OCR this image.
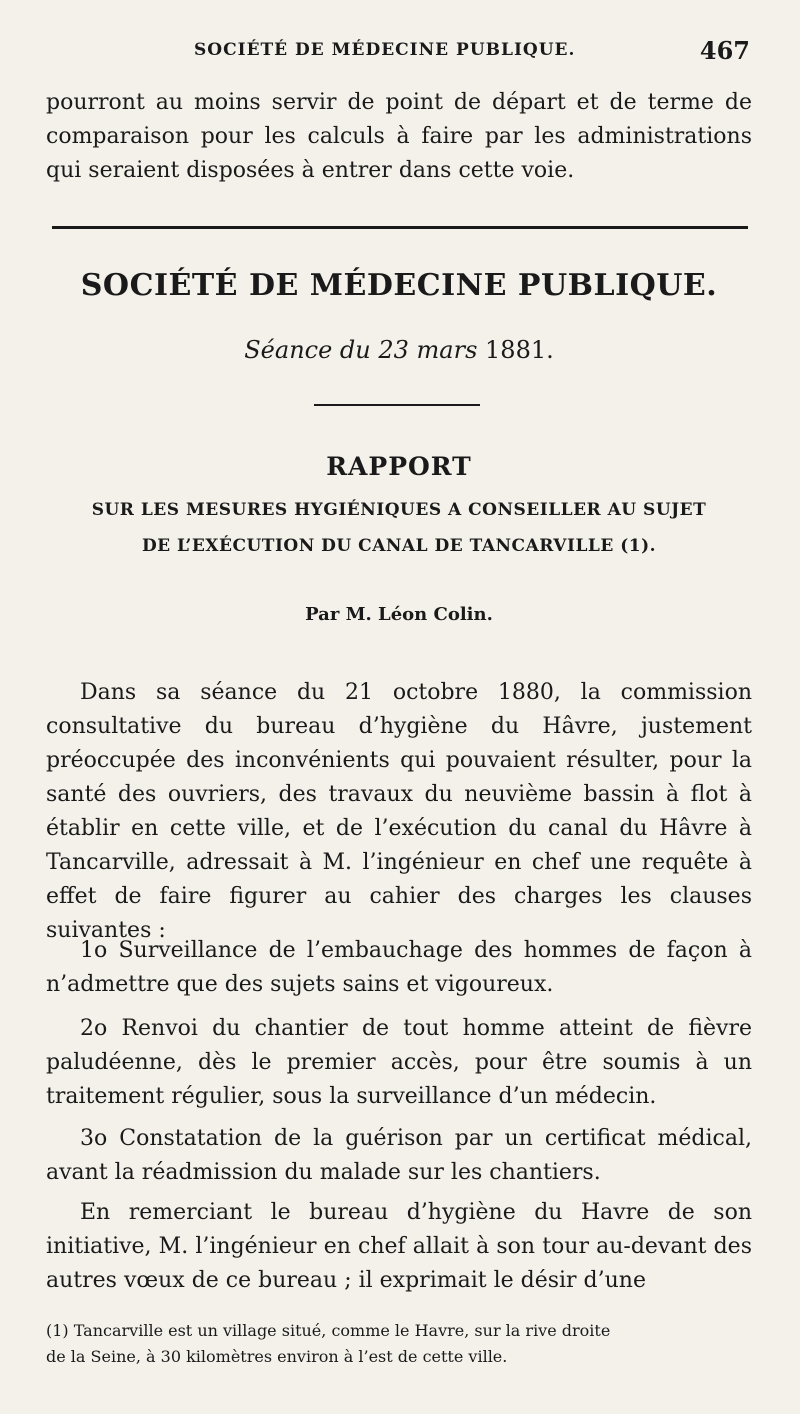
SOCIÉTÉ DE MÉDECINE PUBLIQUE.	467

pourront au moins servir de point de départ et de terme de comparaison pour les calculs à faire par les administrations qui seraient disposées à entrer dans cette voie.

SOCIÉTÉ DE MÉDECINE PUBLIQUE.
Séance du 23 mars 1881.
RAPPORT
SUR LES MESURES HYGIÉNIQUES A CONSEILLER AU SUJET
DE L’EXÉCUTION DU CANAL DE TANCARVILLE (1).
Par M. Léon Colin.

Dans sa séance du 21 octobre 1880, la commission consultative du bureau d’hygiène du Hâvre, justement préoccupée des inconvénients qui pouvaient résulter, pour la santé des ouvriers, des travaux du neuvième bassin à flot à établir en cette ville, et de l’exécution du canal du Hâvre à Tancarville, adressait à M. l’ingénieur en chef une requête à effet de faire figurer au cahier des charges les clauses suivantes :

1o Surveillance de l’embauchage des hommes de façon à n’admettre que des sujets sains et vigoureux.

2o Renvoi du chantier de tout homme atteint de fièvre paludéenne, dès le premier accès, pour être soumis à un traitement régulier, sous la surveillance d’un médecin.

3o Constatation de la guérison par un certificat médical, avant la réadmission du malade sur les chantiers.

En remerciant le bureau d’hygiène du Havre de son initiative, M. l’ingénieur en chef allait à son tour au-devant des autres vœux de ce bureau ; il exprimait le désir d’une

(1) Tancarville est un village situé, comme le Havre, sur la rive droite

de la Seine, à 30 kilomètres environ à l’est de cette ville.
